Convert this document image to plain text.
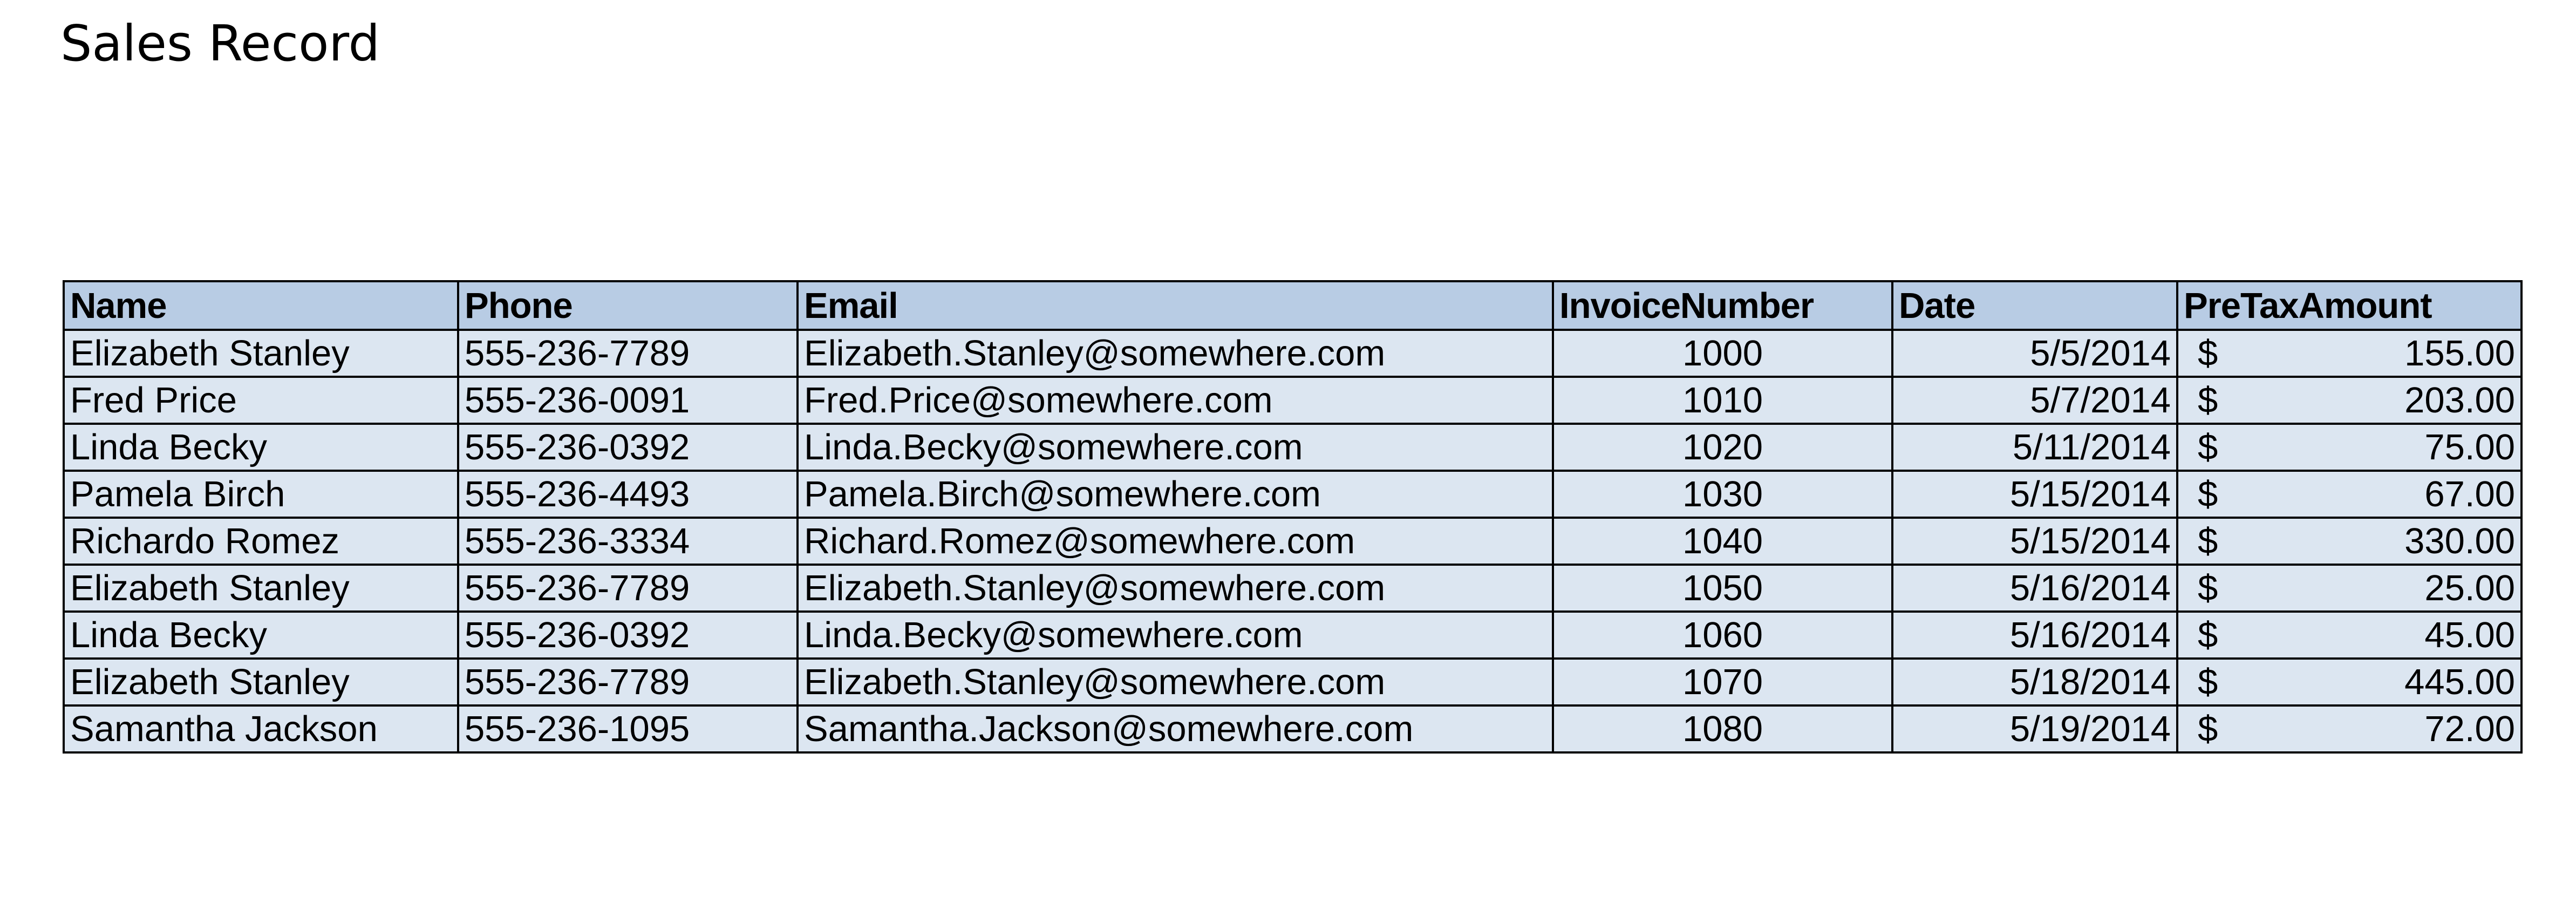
Sales Record
Name	Phone	Email	InvoiceNumber	Date	PreTaxAmount
Elizabeth Stanley	555-236-7789	Elizabeth.Stanley@somewhere.com	1000	5/5/2014	$ 155.00
Fred Price	555-236-0091	Fred.Price@somewhere.com	1010	5/7/2014	$ 203.00
Linda Becky	555-236-0392	Linda.Becky@somewhere.com	1020	5/11/2014	$ 75.00
Pamela Birch	555-236-4493	Pamela.Birch@somewhere.com	1030	5/15/2014	$ 67.00
Richardo Romez	555-236-3334	Richard.Romez@somewhere.com	1040	5/15/2014	$ 330.00
Elizabeth Stanley	555-236-7789	Elizabeth.Stanley@somewhere.com	1050	5/16/2014	$ 25.00
Linda Becky	555-236-0392	Linda.Becky@somewhere.com	1060	5/16/2014	$ 45.00
Elizabeth Stanley	555-236-7789	Elizabeth.Stanley@somewhere.com	1070	5/18/2014	$ 445.00
Samantha Jackson	555-236-1095	Samantha.Jackson@somewhere.com	1080	5/19/2014	$ 72.00
